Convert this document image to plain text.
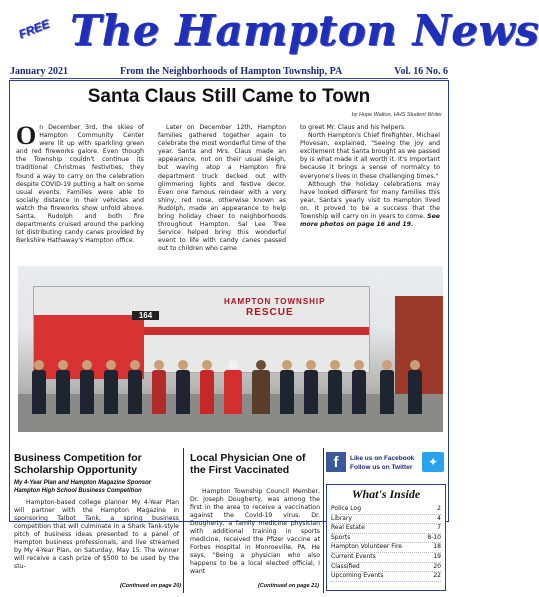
FREE The Hampton News
January 2021	From the Neighborhoods of Hampton Township, PA	Vol. 16 No. 6
Santa Claus Still Came to Town
by Hope Walton, HHS Student Writer
On December 3rd, the skies of Hampton Community Center were lit up with sparkling green and red fireworks galore. Even though the Township couldn't continue its traditional Christmas festivities, they found a way to carry on the celebration despite COVID-19 putting a halt on some usual events. Families were able to socially distance in their vehicles and watch the fireworks show unfold above. Santa, Rudolph and both fire departments cruised around the parking lot distributing candy canes provided by Berkshire Hathaway's Hampton office.
Later on December 12th, Hampton families gathered together again to celebrate the most wonderful time of the year. Santa and Mrs. Claus made an appearance, not on their usual sleigh, but waving atop a Hampton fire department truck decked out with glimmering lights and festive decor. Even one famous reindeer with a very shiny, red nose, otherwise known as Rudolph, made an appearance to help bring holiday cheer to neighborhoods throughout Hampton. Sal Lee Tree Service helped bring this wonderful event to life with candy canes passed out to children who came
to greet Mr. Claus and his helpers.
North Hampton's Chief firefighter, Michael Plovesan, explained, "Seeing the joy and excitement that Santa brought as we passed by is what made it all worth it. It's important because it brings a sense of normalcy to everyone's lives in these challenging times."
Although the holiday celebrations may have looked different for many families this year, Santa's yearly visit to Hampton lived on. It proved to be a success that the Township will carry on in years to come. See more photos on page 16 and 19.
164
HAMPTON TOWNSHIP
RESCUE
Business Competition for
Scholarship Opportunity
My 4-Year Plan and Hampton Magazine Sponsor
Hampton High School Business Competition
Hampton-based college planner My 4-Year Plan will partner with the Hampton Magazine in sponsoring Talbot Tank, a spring business competition that will culminate in a Shark Tank-style pitch of business ideas presented to a panel of Hampton business professionals, and live streamed by My 4-Year Plan, on Saturday, May 15. The winner will receive a cash prize of $500 to be used by the stu-
(Continued on page 20)
Local Physician One of
the First Vaccinated
Hampton Township Council Member, Dr. Joseph Dougherty, was among the first in the area to receive a vaccination against the Covid-19 virus. Dr. Dougherty, a family medicine physician with additional training in sports medicine, received the Pfizer vaccine at Forbes Hospital in Monroeville, PA. He says, "Being a physician who also happens to be a local elected official, I want
(Continued on page 21)
f	Like us on Facebook
Follow us on Twitter	✦
What's Inside
Police Log	2
Library	4
Real Estate	7
Sports	8-10
Hampton Volunteer Fire	18
Current Events	19
Classified	20
Upcoming Events	22
